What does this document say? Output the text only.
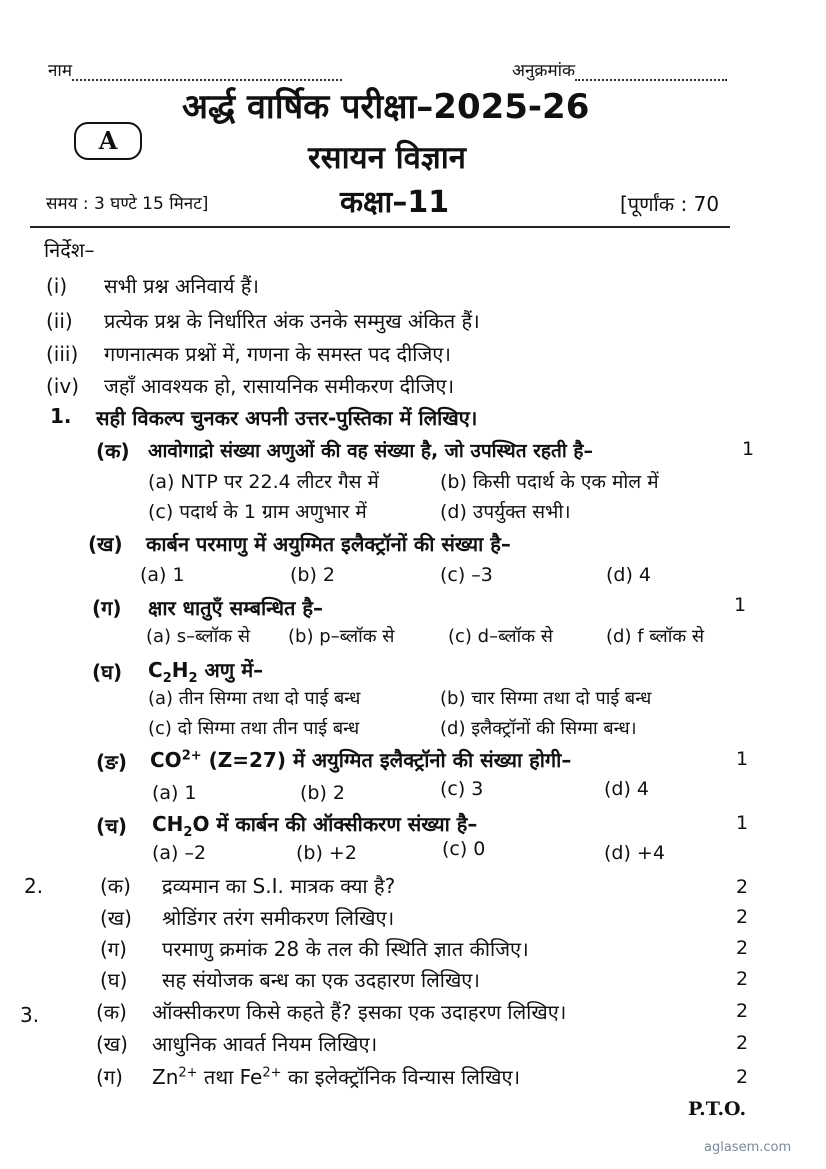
नाम	अनुक्रमांक
अर्द्ध वार्षिक परीक्षा–2025-26
A	रसायन विज्ञान
समय : 3 घण्टे 15 मिनट]	कक्षा–11	[पूर्णांक : 70
निर्देश–
(i) सभी प्रश्न अनिवार्य हैं।
(ii) प्रत्येक प्रश्न के निर्धारित अंक उनके सम्मुख अंकित हैं।
(iii) गणनात्मक प्रश्नों में, गणना के समस्त पद दीजिए।
(iv) जहाँ आवश्यक हो, रासायनिक समीकरण दीजिए।
1. सही विकल्प चुनकर अपनी उत्तर-पुस्तिका में लिखिए।
(क) आवोगाद्रो संख्या अणुओं की वह संख्या है, जो उपस्थित रहती है–	1
(a) NTP पर 22.4 लीटर गैस में	(b) किसी पदार्थ के एक मोल में
(c) पदार्थ के 1 ग्राम अणुभार में	(d) उपर्युक्त सभी।
(ख) कार्बन परमाणु में अयुग्मित इलैक्ट्रॉनों की संख्या है–
(a) 1	(b) 2	(c) –3	(d) 4
(ग) क्षार धातुएँ सम्बन्धित है–	1
(a) s–ब्लॉक से (b) p–ब्लॉक से	(c) d–ब्लॉक से	(d) f ब्लॉक से
(घ) $C_2H_2$ अणु में–
(a) तीन सिग्मा तथा दो पाई बन्ध	(b) चार सिग्मा तथा दो पाई बन्ध
(c) दो सिग्मा तथा तीन पाई बन्ध	(d) इलैक्ट्रॉनों की सिग्मा बन्ध।
(ङ) $CO^{2+}$ (Z=27) में अयुग्मित इलैक्ट्रॉनो की संख्या होगी–	1
(a) 1	(b) 2	(c) 3	(d) 4
(च) $CH_2O$ में कार्बन की ऑक्सीकरण संख्या है–	1
(a) –2	(b) +2	(c) 0	(d) +4
2.	(क) द्रव्यमान का S.I. मात्रक क्या है?	2
(ख) श्रोडिंगर तरंग समीकरण लिखिए।	2
(ग) परमाणु क्रमांक 28 के तल की स्थिति ज्ञात कीजिए।	2
(घ) सह संयोजक बन्ध का एक उदहारण लिखिए।	2
3.	(क) ऑक्सीकरण किसे कहते हैं? इसका एक उदाहरण लिखिए।	2
(ख) आधुनिक आवर्त नियम लिखिए।	2
(ग) $Zn^{2+}$ तथा $Fe^{2+}$ का इलेक्ट्रॉनिक विन्यास लिखिए।	2
P.T.O.
aglasem.com
